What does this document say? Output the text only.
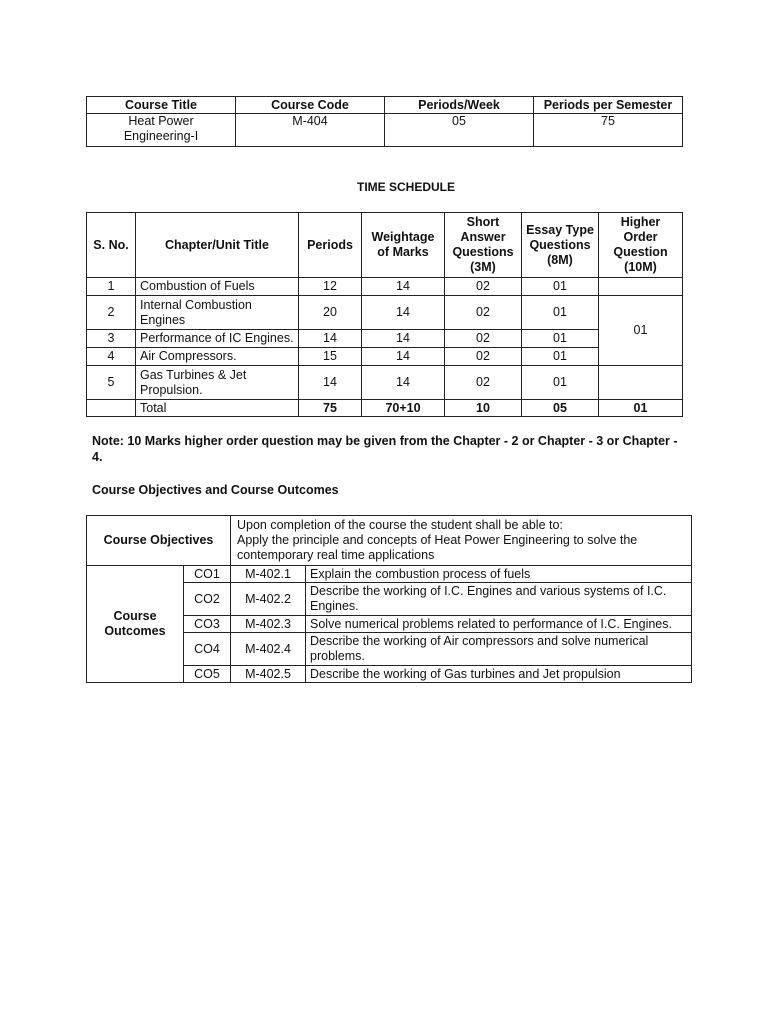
Course Title	Course Code	Periods/Week	Periods per Semester
Heat Power Engineering-I	M-404	05	75
TIME SCHEDULE
S. No.	Chapter/Unit Title	Periods	Weightage of Marks	Short Answer Questions (3M)	Essay Type Questions (8M)	Higher Order Question (10M)
1	Combustion of Fuels	12	14	02	01	
2	Internal Combustion Engines	20	14	02	01	01
3	Performance of IC Engines.	14	14	02	01	
4	Air Compressors.	15	14	02	01	
5	Gas Turbines & Jet Propulsion.	14	14	02	01	
	Total	75	70+10	10	05	01
Note: 10 Marks higher order question may be given from the Chapter - 2 or Chapter - 3 or Chapter - 4.
Course Objectives and Course Outcomes
Course Objectives		Upon completion of the course the student shall be able to:
Apply the principle and concepts of Heat Power Engineering to solve the contemporary real time applications	

Course Outcomes	CO1	M-402.1	Explain the combustion process of fuels
	CO2	M-402.2	Describe the working of I.C. Engines and various systems of I.C. Engines.
	CO3	M-402.3	Solve numerical problems related to performance of I.C. Engines.
	CO4	M-402.4	Describe the working of Air compressors and solve numerical problems.
	CO5	M-402.5	Describe the working of Gas turbines and Jet propulsion
